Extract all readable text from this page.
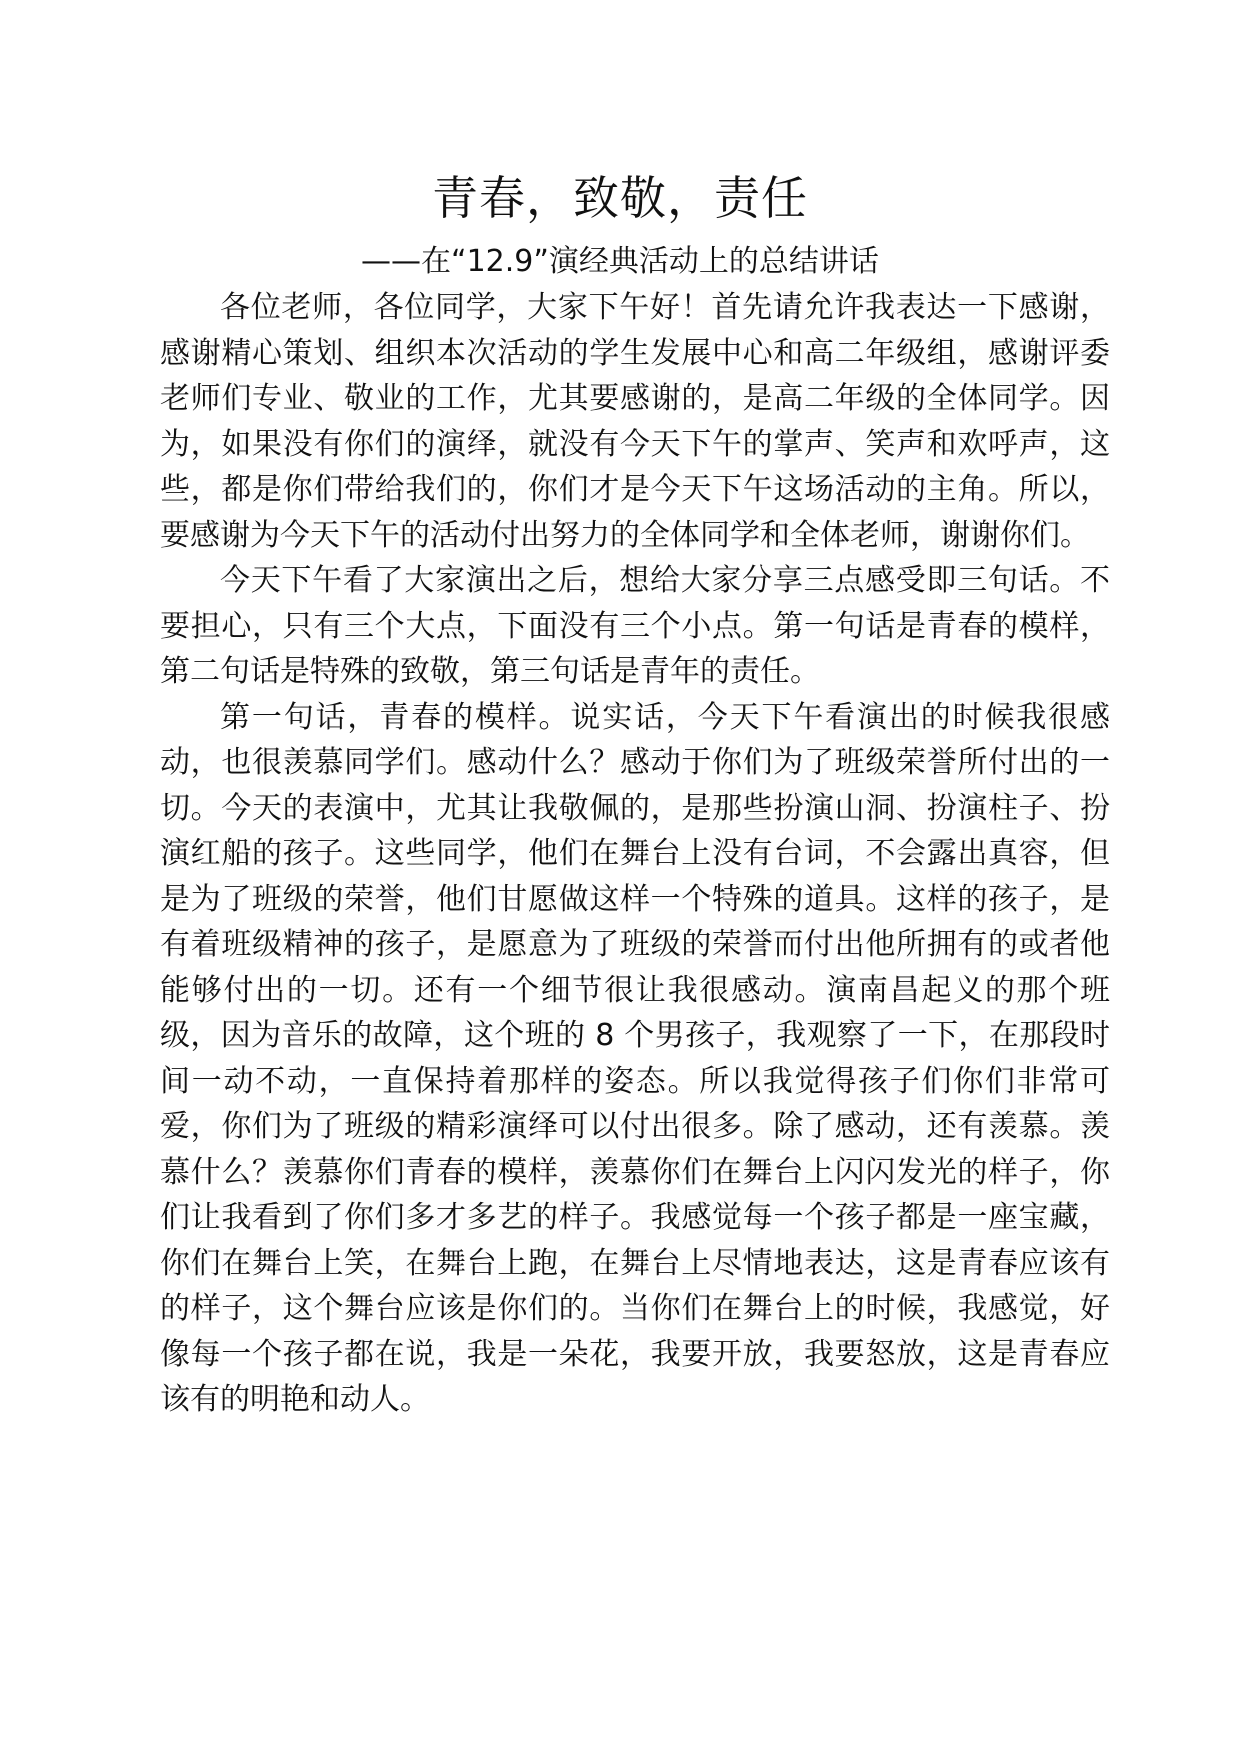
青春，致敬，责任
——在“12.9”演经典活动上的总结讲话

各位老师，各位同学，大家下午好！首先请允许我表达一下感谢，感谢精心策划、组织本次活动的学生发展中心和高二年级组，感谢评委老师们专业、敬业的工作，尤其要感谢的，是高二年级的全体同学。因为，如果没有你们的演绎，就没有今天下午的掌声、笑声和欢呼声，这些，都是你们带给我们的，你们才是今天下午这场活动的主角。所以，要感谢为今天下午的活动付出努力的全体同学和全体老师，谢谢你们。

今天下午看了大家演出之后，想给大家分享三点感受即三句话。不要担心，只有三个大点，下面没有三个小点。第一句话是青春的模样，第二句话是特殊的致敬，第三句话是青年的责任。

第一句话，青春的模样。说实话，今天下午看演出的时候我很感动，也很羡慕同学们。感动什么？感动于你们为了班级荣誉所付出的一切。今天的表演中，尤其让我敬佩的，是那些扮演山洞、扮演柱子、扮演红船的孩子。这些同学，他们在舞台上没有台词，不会露出真容，但是为了班级的荣誉，他们甘愿做这样一个特殊的道具。这样的孩子，是有着班级精神的孩子，是愿意为了班级的荣誉而付出他所拥有的或者他能够付出的一切。还有一个细节很让我很感动。演南昌起义的那个班级，因为音乐的故障，这个班的 8 个男孩子，我观察了一下，在那段时间一动不动，一直保持着那样的姿态。所以我觉得孩子们你们非常可爱，你们为了班级的精彩演绎可以付出很多。除了感动，还有羡慕。羡慕什么？羡慕你们青春的模样，羡慕你们在舞台上闪闪发光的样子，你们让我看到了你们多才多艺的样子。我感觉每一个孩子都是一座宝藏，你们在舞台上笑，在舞台上跑，在舞台上尽情地表达，这是青春应该有的样子，这个舞台应该是你们的。当你们在舞台上的时候，我感觉，好像每一个孩子都在说，我是一朵花，我要开放，我要怒放，这是青春应该有的明艳和动人。
